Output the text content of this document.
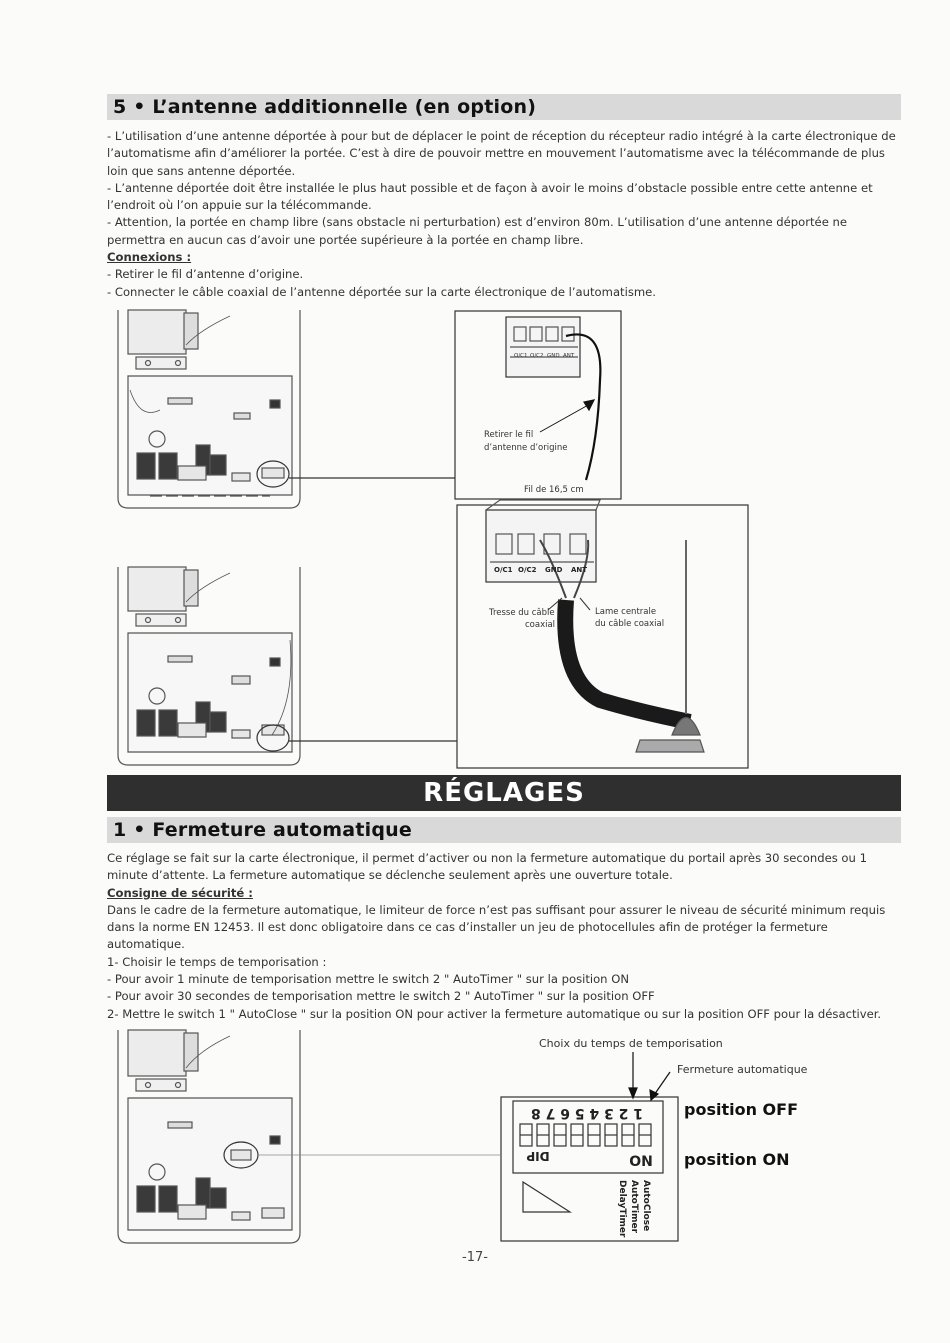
5 • L’antenne additionnelle (en option)

- L’utilisation d’une antenne déportée à pour but de déplacer le point de réception du récepteur radio intégré à la carte électronique de l’automatisme afin d’améliorer la portée. C’est à dire de pouvoir mettre en mouvement l’automatisme avec la télécommande de plus loin que sans antenne déportée.

- L’antenne déportée doit être installée le plus haut possible et de façon à avoir le moins d’obstacle possible entre cette antenne et l’endroit où l’on appuie sur la télécommande.

- Attention, la portée en champ libre (sans obstacle ni perturbation) est d’environ 80m. L’utilisation d’une antenne déportée ne permettra en aucun cas d’avoir une portée supérieure à la portée en champ libre.

Connexions :

- Retirer le fil d’antenne d’origine.

- Connecter le câble coaxial de l’antenne déportée sur la carte électronique de l’automatisme.

O/C1 O/C2 GND ANT
Retirer le fil
d’antenne d’origine
Fil de 16,5 cm
O/C1 O/C2 GND ANT
Tresse du câble
coaxial
Lame centrale
du câble coaxial
Choix du temps de temporisation
Fermeture automatique
1 2 3 4 5 6 7 8
DIP	ON
AutoClose
AutoTimer
DelayTimer
RÉGLAGES
1 • Fermeture automatique

Ce réglage se fait sur la carte électronique, il permet d’activer ou non la fermeture automatique du portail après 30 secondes ou 1 minute d’attente. La fermeture automatique se déclenche seulement après une ouverture totale.

Consigne de sécurité :

Dans le cadre de la fermeture automatique, le limiteur de force n’est pas suffisant pour assurer le niveau de sécurité minimum requis dans la norme EN 12453. Il est donc obligatoire dans ce cas d’installer un jeu de photocellules afin de protéger la fermeture automatique.

1- Choisir le temps de temporisation :

- Pour avoir 1 minute de temporisation mettre le switch 2 " AutoTimer " sur la position ON

- Pour avoir 30 secondes de temporisation mettre le switch 2 " AutoTimer " sur la position OFF

2- Mettre le switch 1 " AutoClose " sur la position ON pour activer la fermeture automatique ou sur la position OFF pour la désactiver.

position OFF
position ON
-17-
